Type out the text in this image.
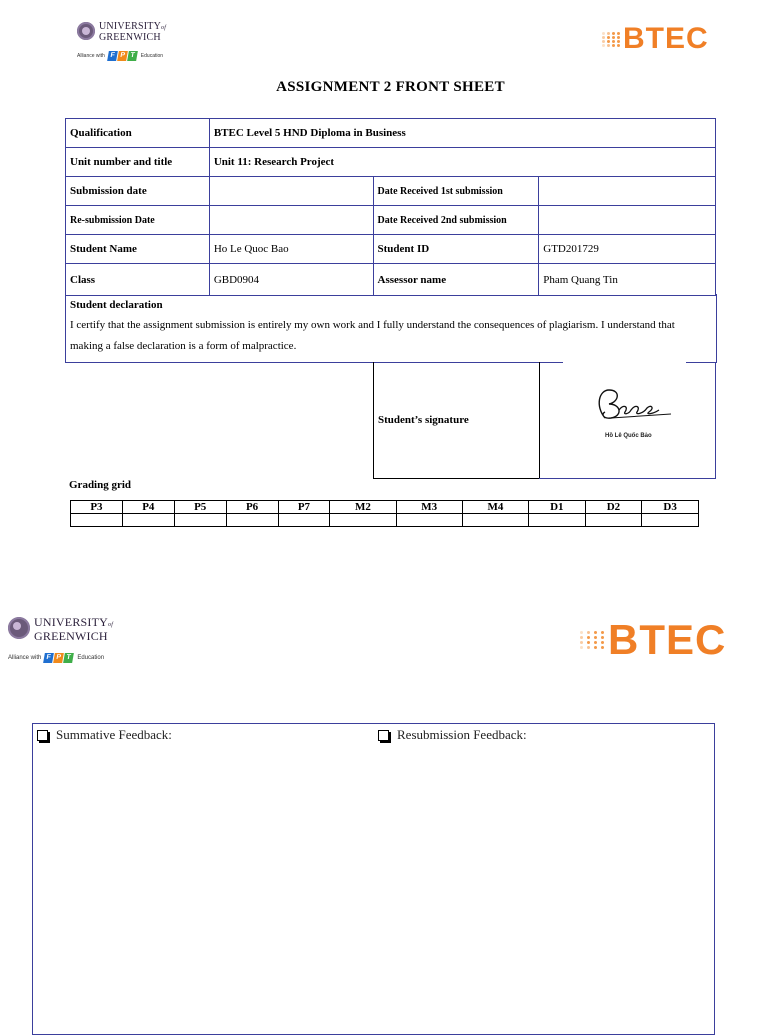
UNIVERSITYof
GREENWICH
Alliance with F P T	Education
BTEC
ASSIGNMENT 2 FRONT SHEET
Qualification	BTEC Level 5 HND Diploma in Business		
Unit number and title	Unit 11: Research Project		
Submission date		Date Received 1st submission	
Re-submission Date		Date Received 2nd submission	
Student Name	Ho Le Quoc Bao	Student ID	GTD201729
Class	GBD0904	Assessor name	Pham Quang Tin
Student declaration
I certify that the assignment submission is entirely my own work and I fully understand the consequences of plagiarism. I understand that
making a false declaration is a form of malpractice.
Student’s signature
Hồ Lê Quốc Bảo
Grading grid
P3	P4	P5	P6	P7	M2	M3	M4	D1	D2	D3

UNIVERSITYof
GREENWICH
Alliance with F P T Education	BTEC
Summative Feedback:	Resubmission Feedback:
